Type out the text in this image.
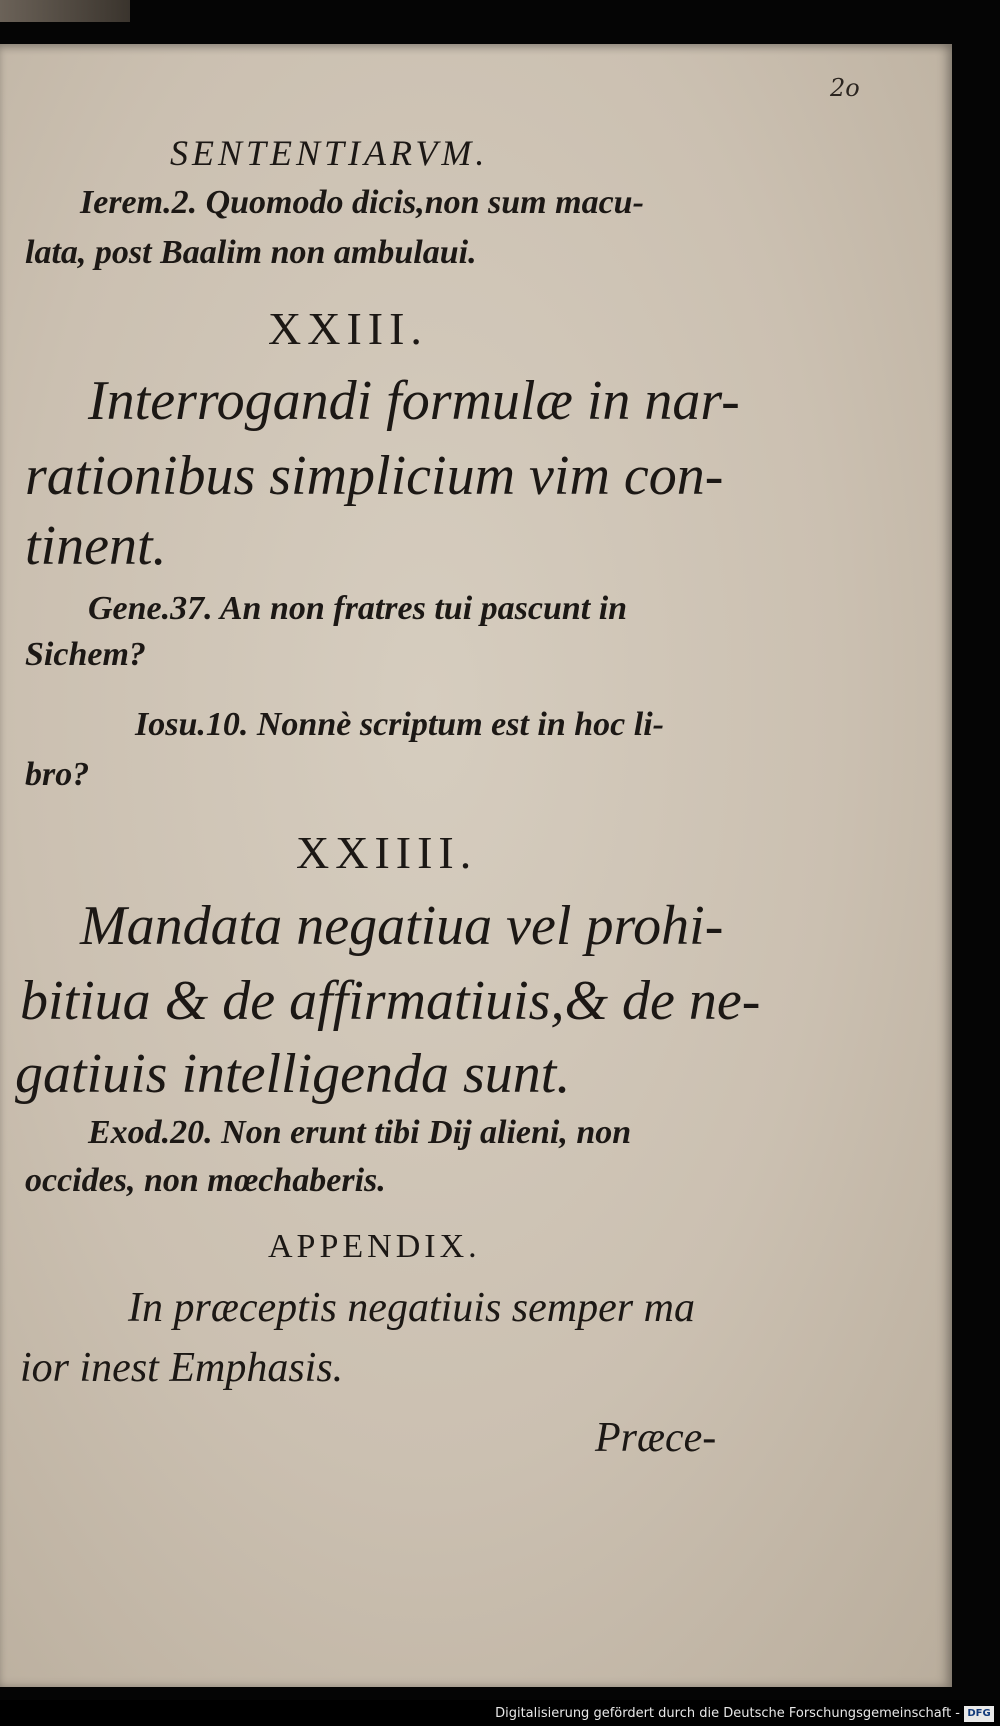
2o
SENTENTIARVM.
Ierem.2. Quomodo dicis,non sum macu-
lata, post Baalim non ambulaui.
XXIII.
Interrogandi formulæ in nar-
rationibus simplicium vim con-
tinent.
Gene.37. An non fratres tui pascunt in
Sichem?
Iosu.10. Nonnè scriptum est in hoc li-
bro?
XXIIII.
Mandata negatiua vel prohi-
bitiua & de affirmatiuis,& de ne-
gatiuis intelligenda sunt.
Exod.20. Non erunt tibi Dij alieni, non
occides, non mœchaberis.
APPENDIX.
In præceptis negatiuis semper ma
ior inest Emphasis.
Præce-
Digitalisierung gefördert durch die Deutsche Forschungsgemeinschaft - DFG
